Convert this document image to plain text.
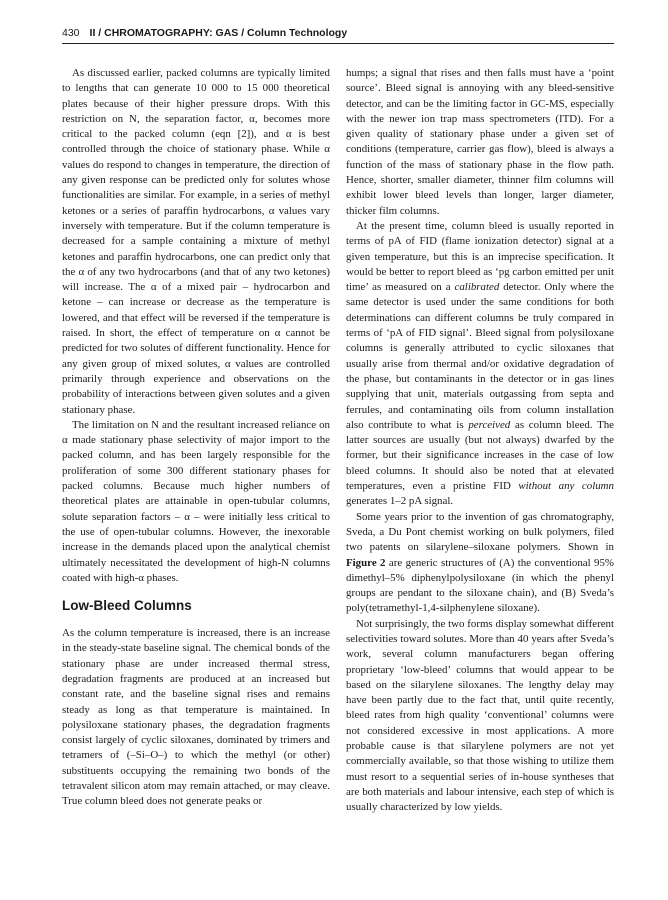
430 II / CHROMATOGRAPHY: GAS / Column Technology

As discussed earlier, packed columns are typically limited to lengths that can generate 10 000 to 15 000 theoretical plates because of their higher pressure drops. With this restriction on N, the separation factor, α, becomes more critical to the packed column (eqn [2]), and α is best controlled through the choice of stationary phase. While α values do respond to changes in temperature, the direction of any given response can be predicted only for solutes whose functionalities are similar. For example, in a series of methyl ketones or a series of paraffin hydrocarbons, α values vary inversely with temperature. But if the column temperature is decreased for a sample containing a mixture of methyl ketones and paraffin hydrocarbons, one can predict only that the α of any two hydrocarbons (and that of any two ketones) will increase. The α of a mixed pair – hydrocarbon and ketone – can increase or decrease as the temperature is lowered, and that effect will be reversed if the temperature is raised. In short, the effect of temperature on α cannot be predicted for two solutes of different functionality. Hence for any given group of mixed solutes, α values are controlled primarily through experience and observations on the probability of interactions between given solutes and a given stationary phase.

The limitation on N and the resultant increased reliance on α made stationary phase selectivity of major import to the packed column, and has been largely responsible for the proliferation of some 300 different stationary phases for packed columns. Because much higher numbers of theoretical plates are attainable in open-tubular columns, solute separation factors – α – were initially less critical to the use of open-tubular columns. However, the inexorable increase in the demands placed upon the analytical chemist ultimately necessitated the development of high-N columns coated with high-α phases.

Low-Bleed Columns

As the column temperature is increased, there is an increase in the steady-state baseline signal. The chemical bonds of the stationary phase are under increased thermal stress, degradation fragments are produced at an increased but constant rate, and the baseline signal rises and remains steady as long as that temperature is maintained. In polysiloxane stationary phases, the degradation fragments consist largely of cyclic siloxanes, dominated by trimers and tetramers of (–Si–O–) to which the methyl (or other) substituents occupying the remaining two bonds of the tetravalent silicon atom may remain attached, or may cleave. True column bleed does not generate peaks or

humps; a signal that rises and then falls must have a ‘point source’. Bleed signal is annoying with any bleed-sensitive detector, and can be the limiting factor in GC-MS, especially with the newer ion trap mass spectrometers (ITD). For a given quality of stationary phase under a given set of conditions (temperature, carrier gas flow), bleed is always a function of the mass of stationary phase in the flow path. Hence, shorter, smaller diameter, thinner film columns will exhibit lower bleed levels than longer, larger diameter, thicker film columns.

At the present time, column bleed is usually reported in terms of pA of FID (flame ionization detector) signal at a given temperature, but this is an imprecise specification. It would be better to report bleed as ‘pg carbon emitted per unit time’ as measured on a calibrated detector. Only where the same detector is used under the same conditions for both determinations can different columns be truly compared in terms of ‘pA of FID signal’. Bleed signal from polysiloxane columns is generally attributed to cyclic siloxanes that usually arise from thermal and/or oxidative degradation of the phase, but contaminants in the detector or in gas lines supplying that unit, materials outgassing from septa and ferrules, and contaminating oils from column installation also contribute to what is perceived as column bleed. The latter sources are usually (but not always) dwarfed by the former, but their significance increases in the case of low bleed columns. It should also be noted that at elevated temperatures, even a pristine FID without any column generates 1–2 pA signal.

Some years prior to the invention of gas chromatography, Sveda, a Du Pont chemist working on bulk polymers, filed two patents on silarylene–siloxane polymers. Shown in Figure 2 are generic structures of (A) the conventional 95% dimethyl–5% diphenylpolysiloxane (in which the phenyl groups are pendant to the siloxane chain), and (B) Sveda’s poly(tetramethyl-1,4-silphenylene siloxane).

Not surprisingly, the two forms display somewhat different selectivities toward solutes. More than 40 years after Sveda’s work, several column manufacturers began offering proprietary ‘low-bleed’ columns that would appear to be based on the silarylene siloxanes. The lengthy delay may have been partly due to the fact that, until quite recently, bleed rates from high quality ‘conventional’ columns were not considered excessive in most applications. A more probable cause is that silarylene polymers are not yet commercially available, so that those wishing to utilize them must resort to a sequential series of in-house syntheses that are both materials and labour intensive, each step of which is usually characterized by low yields.
